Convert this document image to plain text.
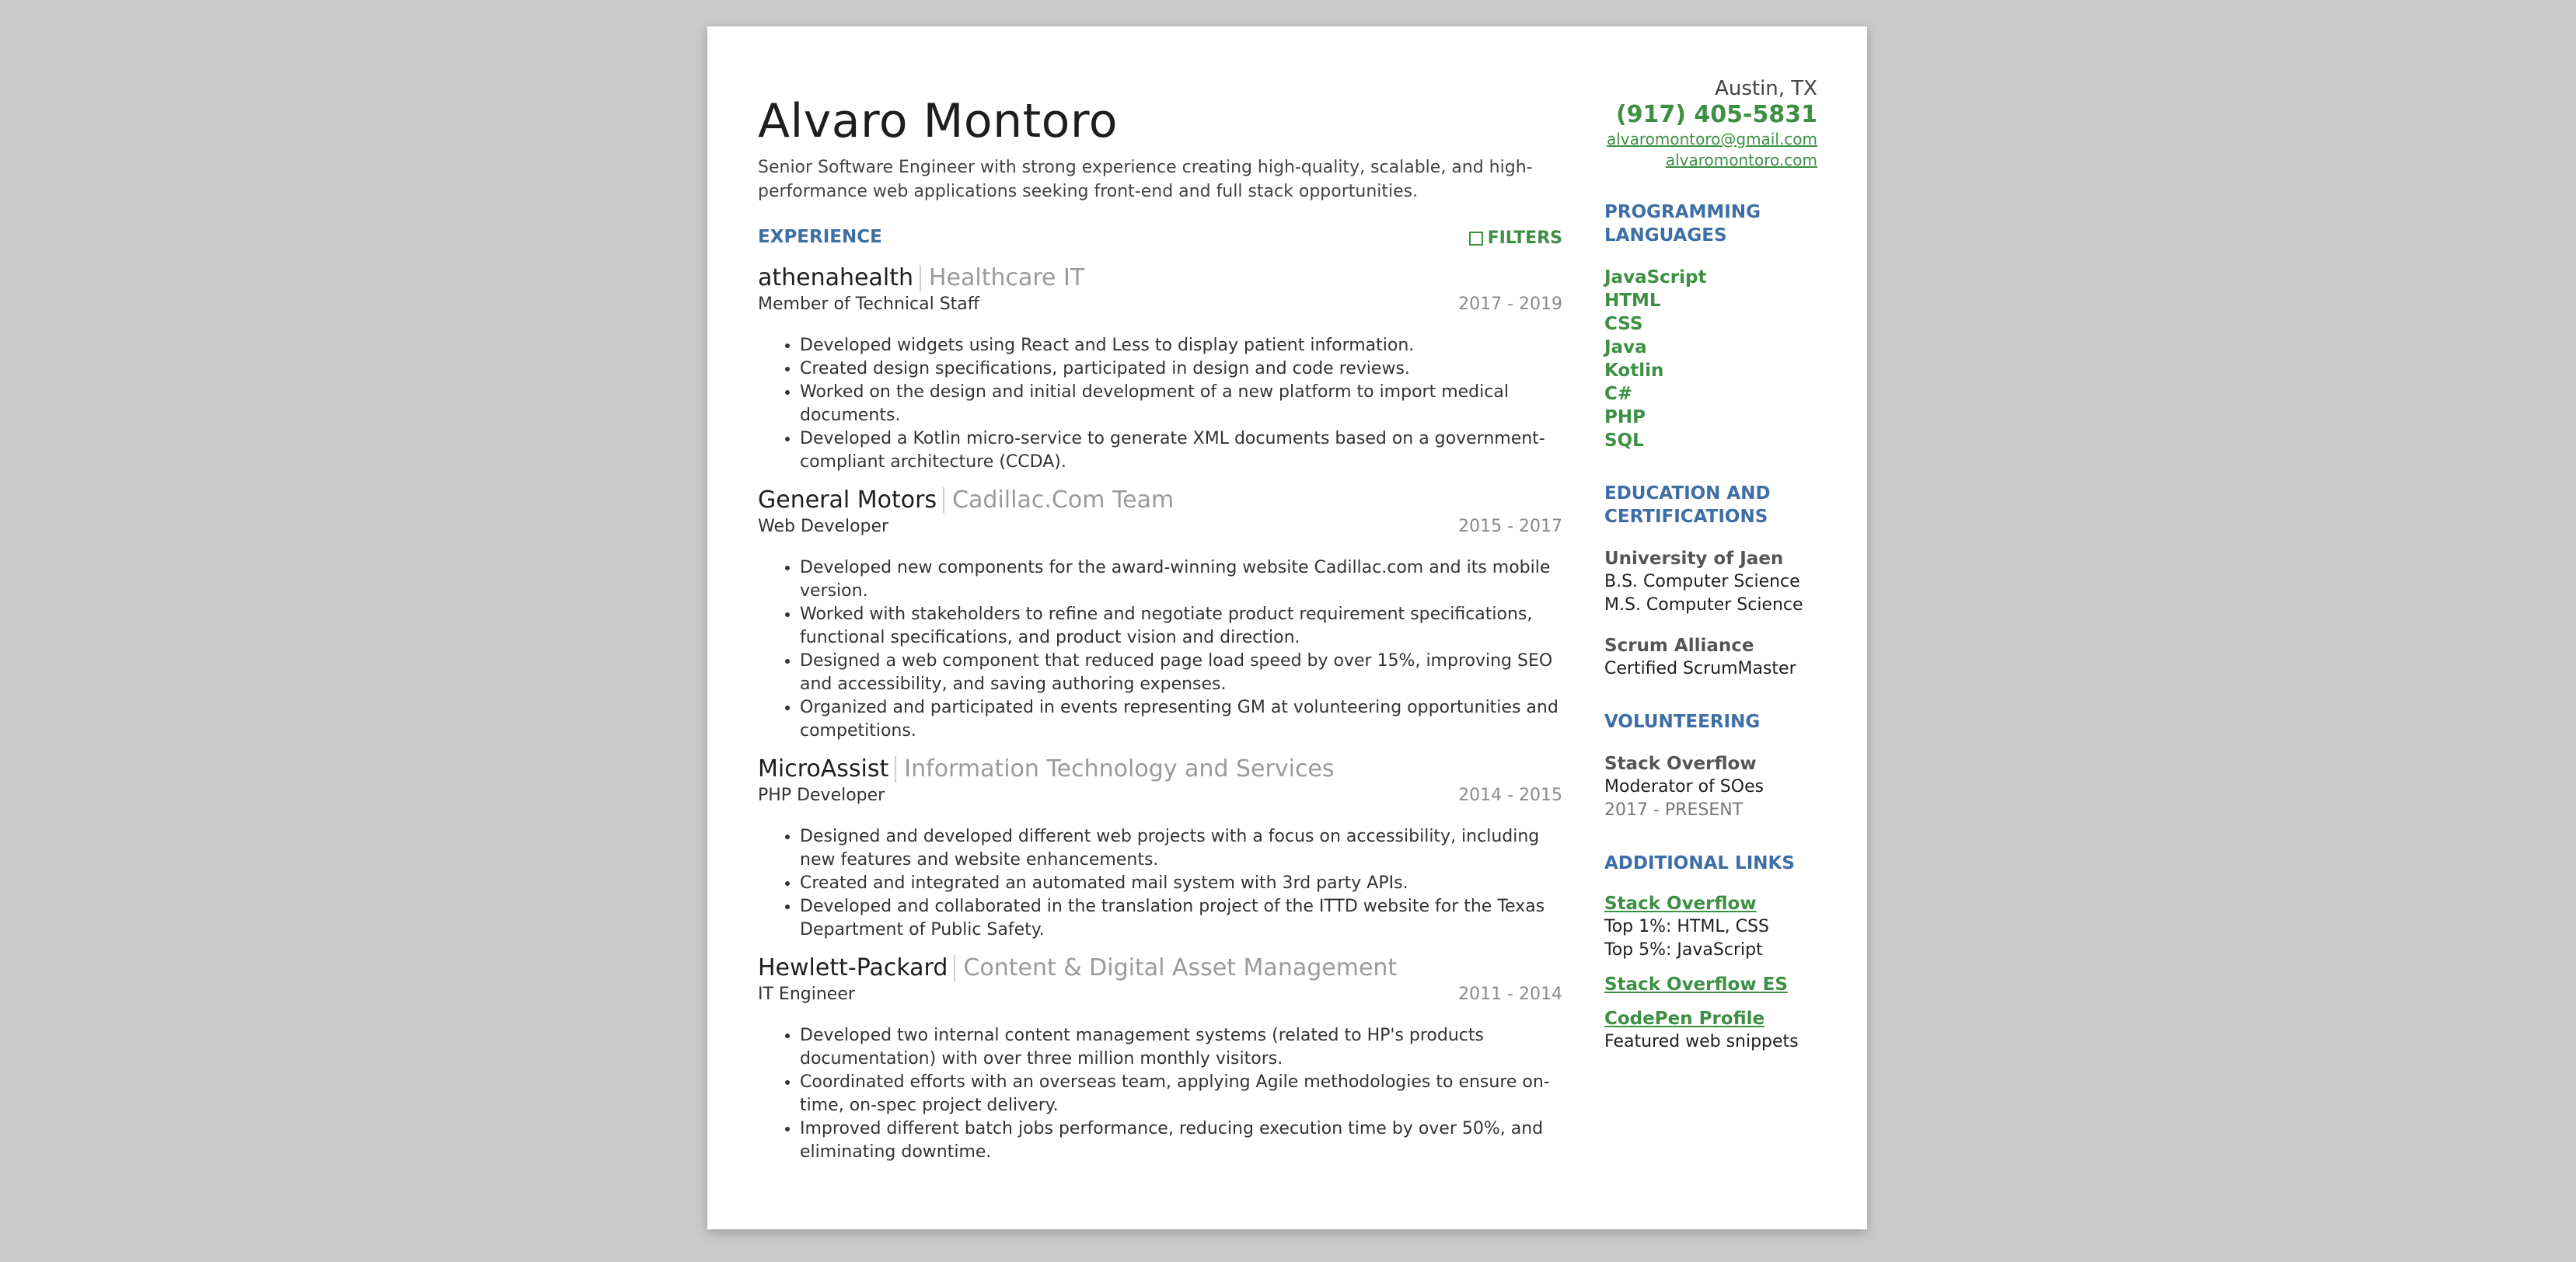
Alvaro Montoro
Senior Software Engineer with strong experience creating high-quality, scalable, and high-performance web applications seeking front-end and full stack opportunities.
EXPERIENCE	FILTERS
athenahealth Healthcare IT
Member of Technical Staff	2017 - 2019
• Developed widgets using React and Less to display patient information.
• Created design specifications, participated in design and code reviews.
• Worked on the design and initial development of a new platform to import medical documents.
• Developed a Kotlin micro-service to generate XML documents based on a government-compliant architecture (CCDA).
General Motors Cadillac.Com Team
Web Developer	2015 - 2017
• Developed new components for the award-winning website Cadillac.com and its mobile version.
• Worked with stakeholders to refine and negotiate product requirement specifications, functional specifications, and product vision and direction.
• Designed a web component that reduced page load speed by over 15%, improving SEO and accessibility, and saving authoring expenses.
• Organized and participated in events representing GM at volunteering opportunities and competitions.
MicroAssist Information Technology and Services
PHP Developer	2014 - 2015
• Designed and developed different web projects with a focus on accessibility, including new features and website enhancements.
• Created and integrated an automated mail system with 3rd party APIs.
• Developed and collaborated in the translation project of the ITTD website for the Texas Department of Public Safety.
Hewlett-Packard Content & Digital Asset Management
IT Engineer	2011 - 2014
• Developed two internal content management systems (related to HP's products documentation) with over three million monthly visitors.
• Coordinated efforts with an overseas team, applying Agile methodologies to ensure on-time, on-spec project delivery.
• Improved different batch jobs performance, reducing execution time by over 50%, and eliminating downtime.
Austin, TX
(917) 405-5831
alvaromontoro@gmail.com
alvaromontoro.com
PROGRAMMING LANGUAGES
JavaScript
HTML
CSS
Java
Kotlin
C#
PHP
SQL
EDUCATION AND CERTIFICATIONS
University of Jaen
B.S. Computer Science
M.S. Computer Science
Scrum Alliance
Certified ScrumMaster
VOLUNTEERING
Stack Overflow
Moderator of SOes
2017 - PRESENT
ADDITIONAL LINKS
Stack Overflow
Top 1%: HTML, CSS
Top 5%: JavaScript
Stack Overflow ES
CodePen Profile
Featured web snippets
